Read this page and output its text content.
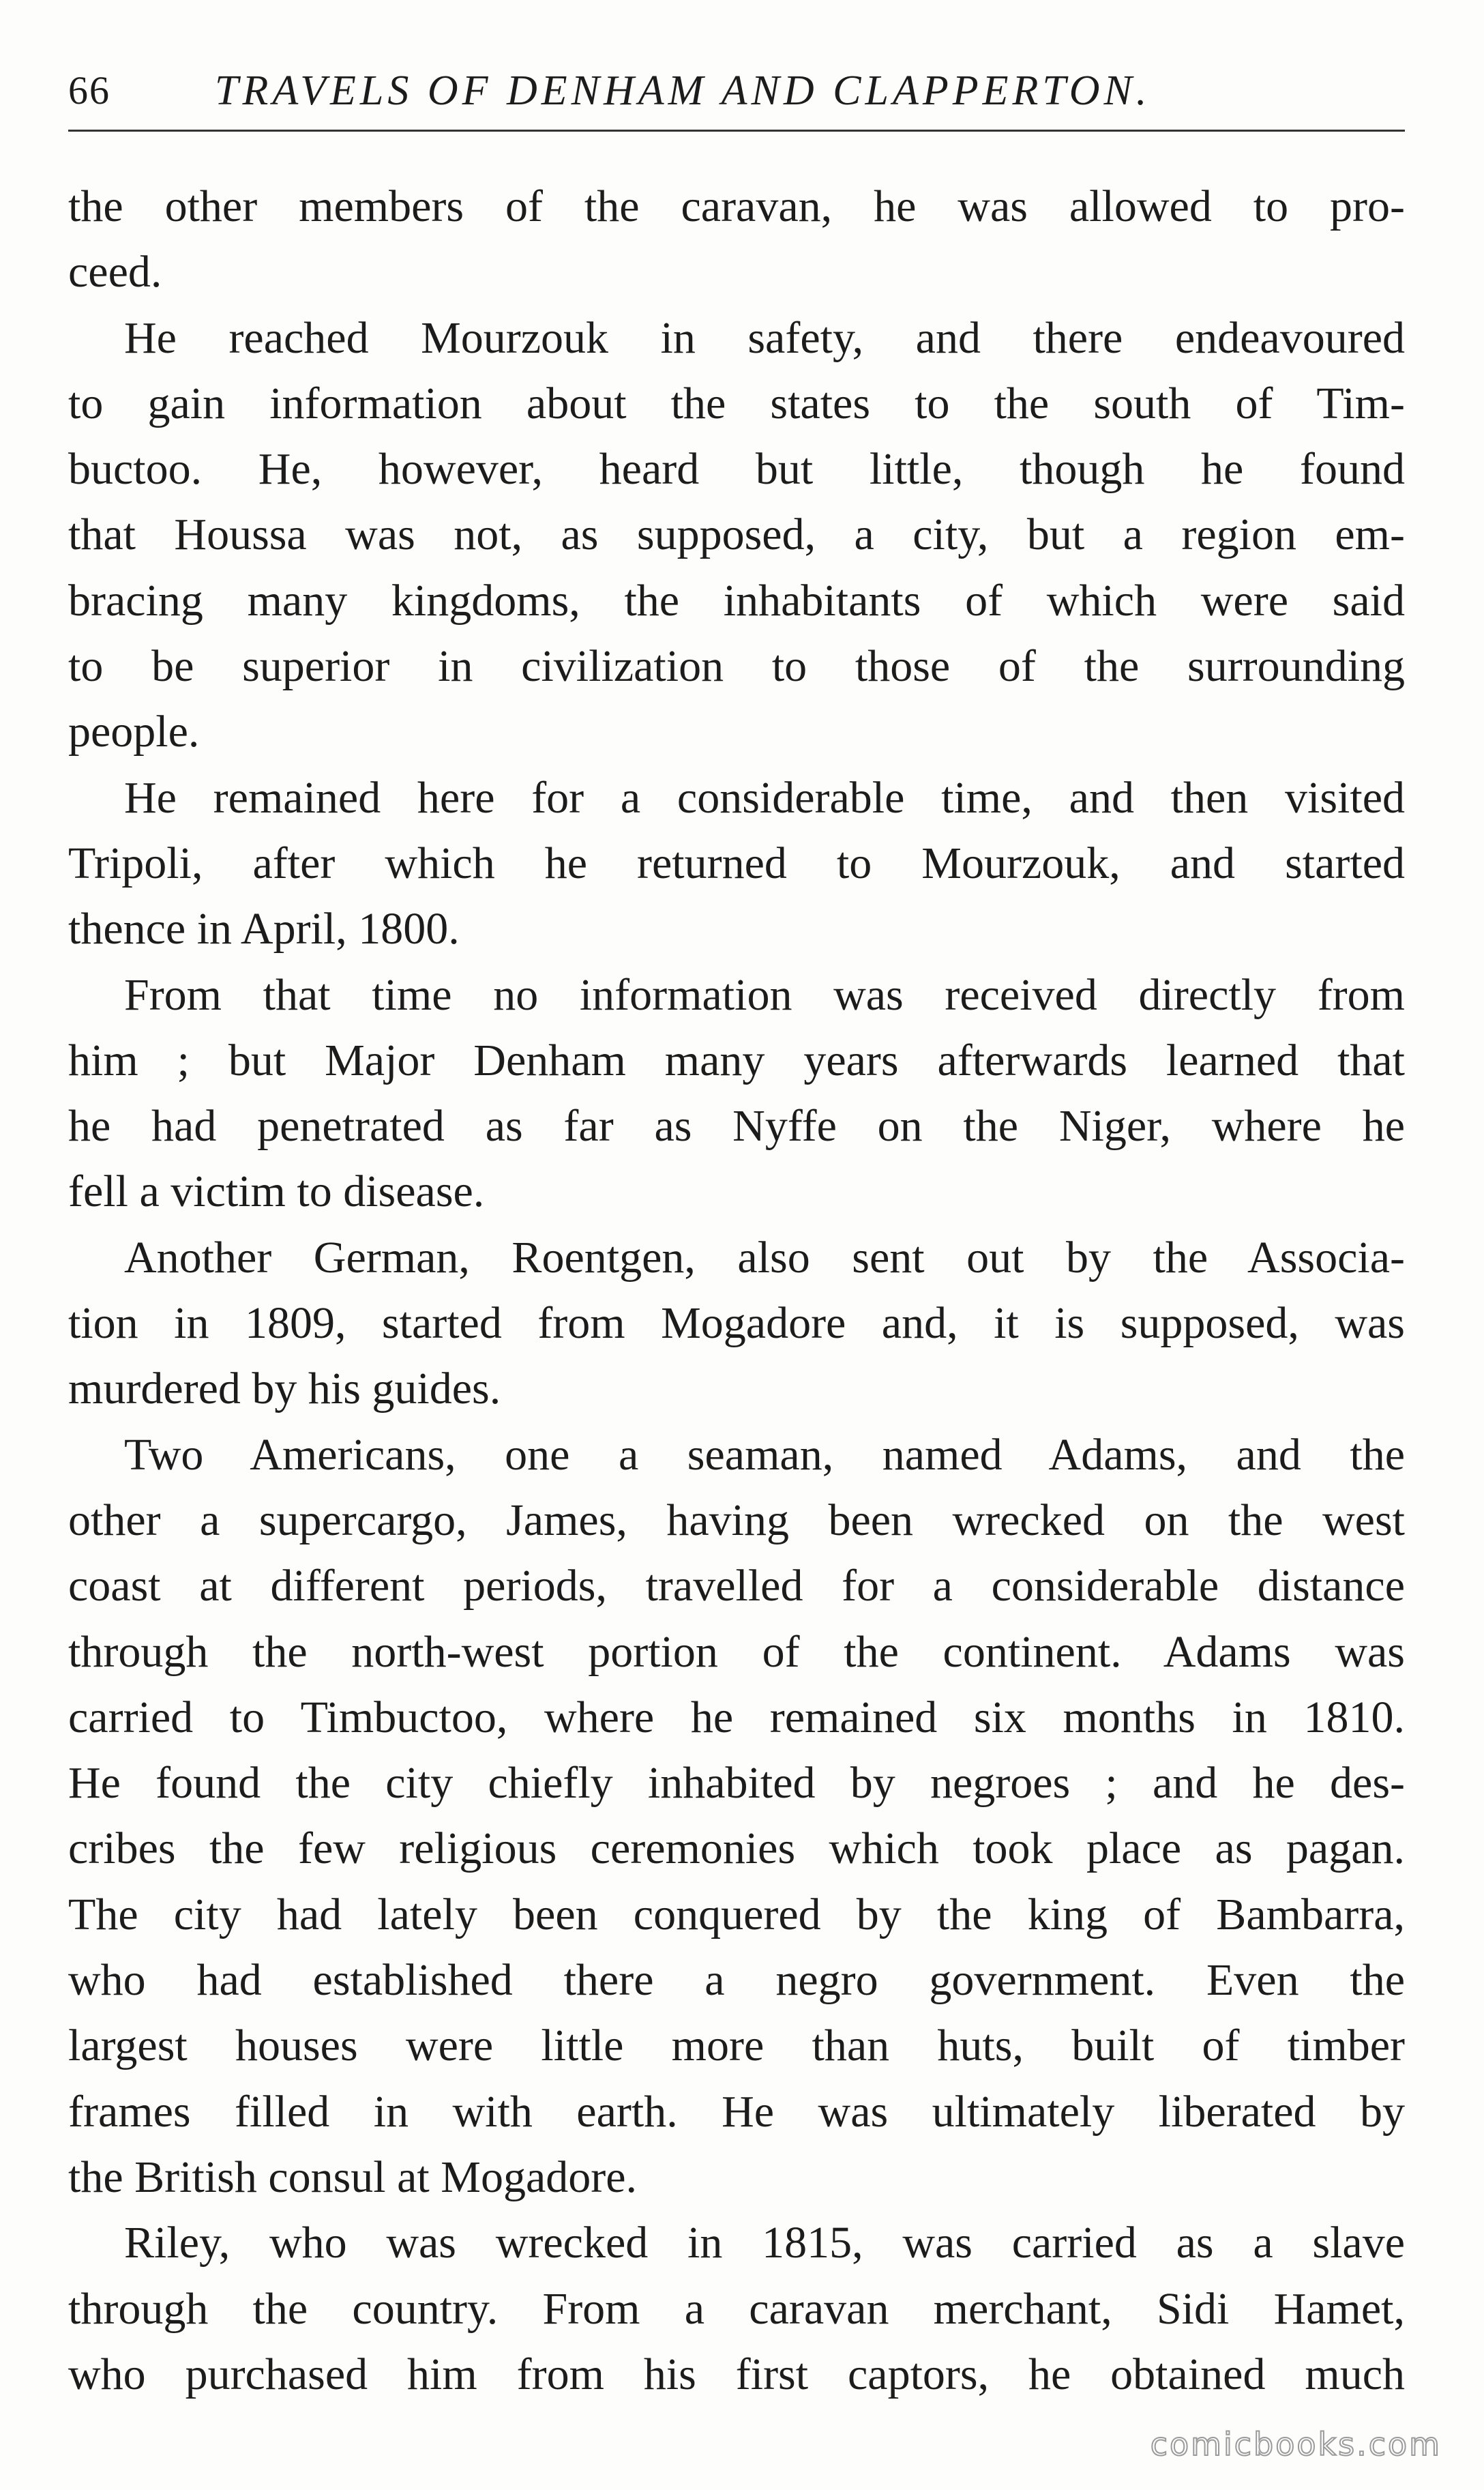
66 TRAVELS OF DENHAM AND CLAPPERTON.
the other members of the caravan, he was allowed to pro-
ceed.
He reached Mourzouk in safety, and there endeavoured
to gain information about the states to the south of Tim-
buctoo. He, however, heard but little, though he found
that Houssa was not, as supposed, a city, but a region em-
bracing many kingdoms, the inhabitants of which were said
to be superior in civilization to those of the surrounding
people.
He remained here for a considerable time, and then visited
Tripoli, after which he returned to Mourzouk, and started
thence in April, 1800.
From that time no information was received directly from
him ; but Major Denham many years afterwards learned that
he had penetrated as far as Nyffe on the Niger, where he
fell a victim to disease.
Another German, Roentgen, also sent out by the Associa-
tion in 1809, started from Mogadore and, it is supposed, was
murdered by his guides.
Two Americans, one a seaman, named Adams, and the
other a supercargo, James, having been wrecked on the west
coast at different periods, travelled for a considerable distance
through the north-west portion of the continent. Adams was
carried to Timbuctoo, where he remained six months in 1810.
He found the city chiefly inhabited by negroes ; and he des-
cribes the few religious ceremonies which took place as pagan.
The city had lately been conquered by the king of Bambarra,
who had established there a negro government. Even the
largest houses were little more than huts, built of timber
frames filled in with earth. He was ultimately liberated by
the British consul at Mogadore.
Riley, who was wrecked in 1815, was carried as a slave
through the country. From a caravan merchant, Sidi Hamet,
who purchased him from his first captors, he obtained much
comicbooks.com
